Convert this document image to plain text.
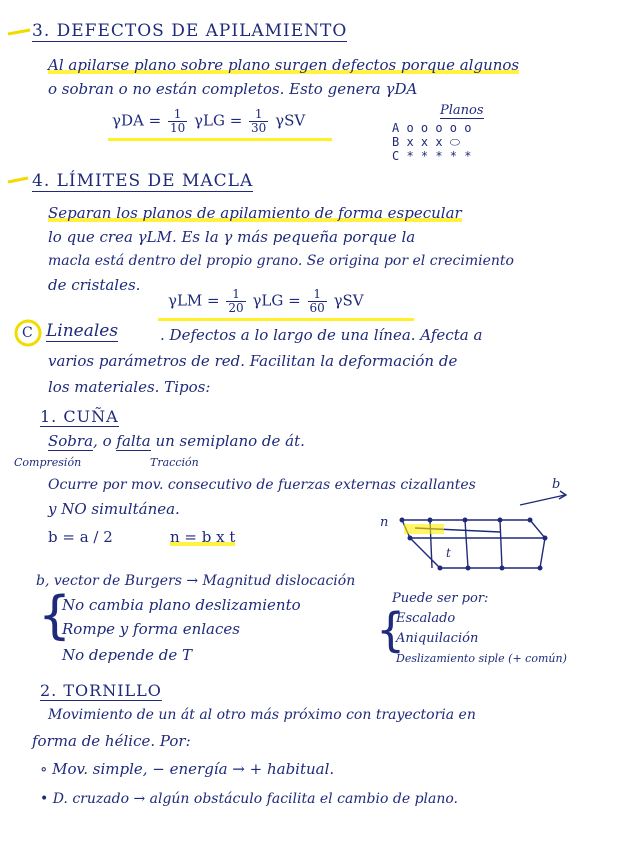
3. DEFECTOS DE APILAMIENTO
Al apilarse plano sobre plano surgen defectos porque algunos
o sobran o no están completos. Esto genera γDA
$\gamma DA = \frac{1}{10}$ $\gamma LG = \frac{1}{30}$ γSV
Planos
A o o o o o
B x x x ⬭
C * * * * *
4. LÍMITES DE MACLA
Separan los planos de apilamiento de forma especular
lo que crea γLM. Es la γ más pequeña porque la
macla está dentro del propio grano. Se origina por el crecimiento
de cristales.
$\gamma LM = \frac{1}{20}$ $\gamma LG = \frac{1}{60}$ γSV
C Lineales	. Defectos a lo largo de una línea. Afecta a
varios parámetros de red. Facilitan la deformación de
los materiales. Tipos:
1. CUÑA
Sobra, o falta un semiplano de át.
Compresión	Tracción
Ocurre por mov. consecutivo de fuerzas externas cizallantes
y NO simultánea.
b = a / 2	n = b x t
n
t
b
b, vector de Burgers → Magnitud dislocación
{
No cambia plano deslizamiento
Rompe y forma enlaces
No depende de T
Puede ser por:
{
Escalado
Aniquilación
Deslizamiento siple (+ común)
2. TORNILLO
Movimiento de un át al otro más próximo con trayectoria en
forma de hélice. Por:
∘ Mov. simple, − energía → + habitual.
• D. cruzado → algún obstáculo facilita el cambio de plano.
